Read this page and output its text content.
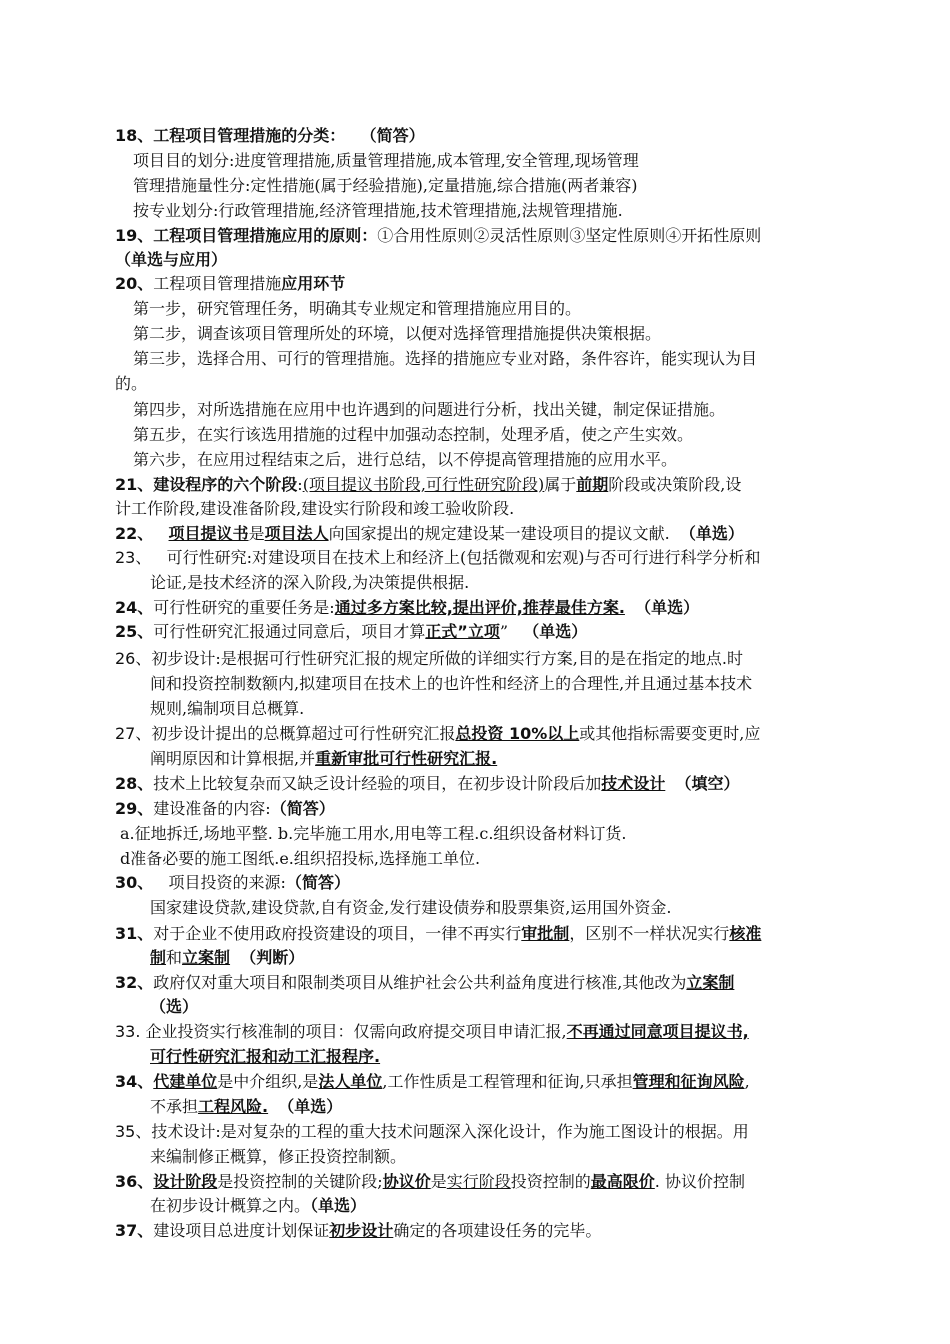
18、工程项目管理措施的分类： （简答）
项目目的划分:进度管理措施,质量管理措施,成本管理,安全管理,现场管理
管理措施量性分:定性措施(属于经验措施),定量措施,综合措施(两者兼容)
按专业划分:行政管理措施,经济管理措施,技术管理措施,法规管理措施.
19、工程项目管理措施应用的原则：①合用性原则②灵活性原则③坚定性原则④开拓性原则
（单选与应用）
20、工程项目管理措施应用环节
第一步，研究管理任务，明确其专业规定和管理措施应用目的。
第二步，调查该项目管理所处的环境，以便对选择管理措施提供决策根据。
第三步，选择合用、可行的管理措施。选择的措施应专业对路，条件容许，能实现认为目
的。
第四步，对所选措施在应用中也许遇到的问题进行分析，找出关键，制定保证措施。
第五步，在实行该选用措施的过程中加强动态控制，处理矛盾，使之产生实效。
第六步，在应用过程结束之后，进行总结，以不停提高管理措施的应用水平。
21、建设程序的六个阶段:(项目提议书阶段,可行性研究阶段)属于前期阶段或决策阶段,设
计工作阶段,建设准备阶段,建设实行阶段和竣工验收阶段.
22、 项目提议书是项目法人向国家提出的规定建设某一建设项目的提议文献. （单选）
23、 可行性研究:对建设项目在技术上和经济上(包括微观和宏观)与否可行进行科学分析和
论证,是技术经济的深入阶段,为决策提供根据.
24、可行性研究的重要任务是:通过多方案比较,提出评价,推荐最佳方案. （单选）
25、可行性研究汇报通过同意后，项目才算正式”立项” （单选）
26、初步设计:是根据可行性研究汇报的规定所做的详细实行方案,目的是在指定的地点.时
间和投资控制数额内,拟建项目在技术上的也许性和经济上的合理性,并且通过基本技术
规则,编制项目总概算.
27、初步设计提出的总概算超过可行性研究汇报总投资 10%以上或其他指标需要变更时,应
阐明原因和计算根据,并重新审批可行性研究汇报.
28、技术上比较复杂而又缺乏设计经验的项目，在初步设计阶段后加技术设计 （填空）
29、建设准备的内容:（简答）
a.征地拆迁,场地平整. b.完毕施工用水,用电等工程.c.组织设备材料订货.
d准备必要的施工图纸.e.组织招投标,选择施工单位.
30、 项目投资的来源:（简答）
国家建设贷款,建设贷款,自有资金,发行建设债券和股票集资,运用国外资金.
31、对于企业不使用政府投资建设的项目，一律不再实行审批制，区别不一样状况实行核准
制和立案制 （判断）
32、政府仅对重大项目和限制类项目从维护社会公共利益角度进行核准,其他改为立案制
（选）
33. 企业投资实行核准制的项目：仅需向政府提交项目申请汇报,不再通过同意项目提议书,
可行性研究汇报和动工汇报程序.
34、代建单位是中介组织,是法人单位,工作性质是工程管理和征询,只承担管理和征询风险,
不承担工程风险. （单选）
35、技术设计:是对复杂的工程的重大技术问题深入深化设计，作为施工图设计的根据。用
来编制修正概算，修正投资控制额。
36、设计阶段是投资控制的关键阶段;协议价是实行阶段投资控制的最高限价. 协议价控制
在初步设计概算之内。（单选）
37、建设项目总进度计划保证初步设计确定的各项建设任务的完毕。
